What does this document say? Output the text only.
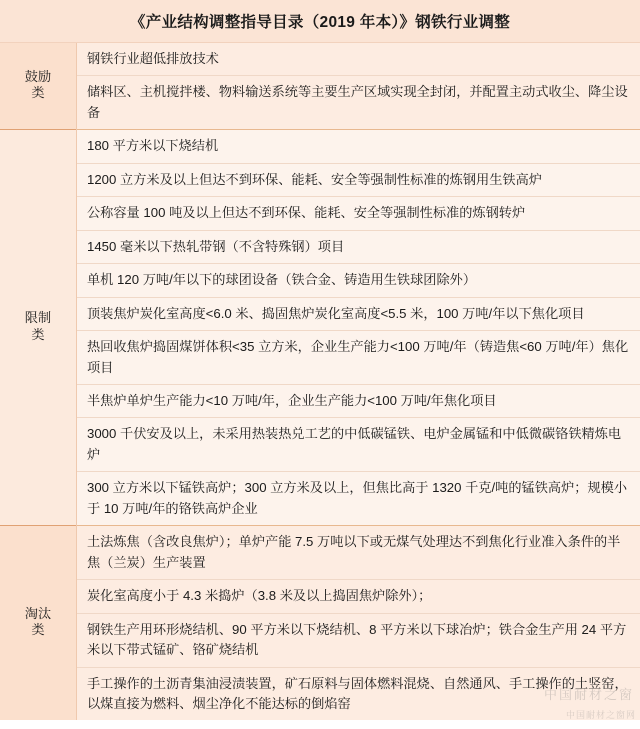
《产业结构调整指导目录（2019 年本）》钢铁行业调整
鼓励类	钢铁行业超低排放技术
	储料区、主机搅拌楼、物料输送系统等主要生产区域实现全封闭，并配置主动式收尘、降尘设备
限制类	180 平方米以下烧结机
	1200 立方米及以上但达不到环保、能耗、安全等强制性标准的炼钢用生铁高炉
	公称容量 100 吨及以上但达不到环保、能耗、安全等强制性标准的炼钢转炉
	1450 毫米以下热轧带钢（不含特殊钢）项目
	单机 120 万吨/年以下的球团设备（铁合金、铸造用生铁球团除外）
	顶装焦炉炭化室高度<6.0 米、捣固焦炉炭化室高度<5.5 米，100 万吨/年以下焦化项目
	热回收焦炉捣固煤饼体积<35 立方米，企业生产能力<100 万吨/年（铸造焦<60 万吨/年）焦化项目
	半焦炉单炉生产能力<10 万吨/年，企业生产能力<100 万吨/年焦化项目
	3000 千伏安及以上，未采用热装热兑工艺的中低碳锰铁、电炉金属锰和中低微碳铬铁精炼电炉
	300 立方米以下锰铁高炉；300 立方米及以上，但焦比高于 1320 千克/吨的锰铁高炉；规模小于 10 万吨/年的铬铁高炉企业
淘汰类	土法炼焦（含改良焦炉）；单炉产能 7.5 万吨以下或无煤气处理达不到焦化行业准入条件的半焦（兰炭）生产装置
	炭化室高度小于 4.3 米捣炉（3.8 米及以上捣固焦炉除外）；
	钢铁生产用环形烧结机、90 平方米以下烧结机、8 平方米以下球冶炉；铁合金生产用 24 平方米以下带式锰矿、铬矿烧结机
	手工操作的土沥青集油浸渍装置，矿石原料与固体燃料混烧、自然通风、手工操作的土竖窑，以煤直接为燃料、烟尘净化不能达标的倒焰窑
中国耐材之窗
中国耐材之窗网
